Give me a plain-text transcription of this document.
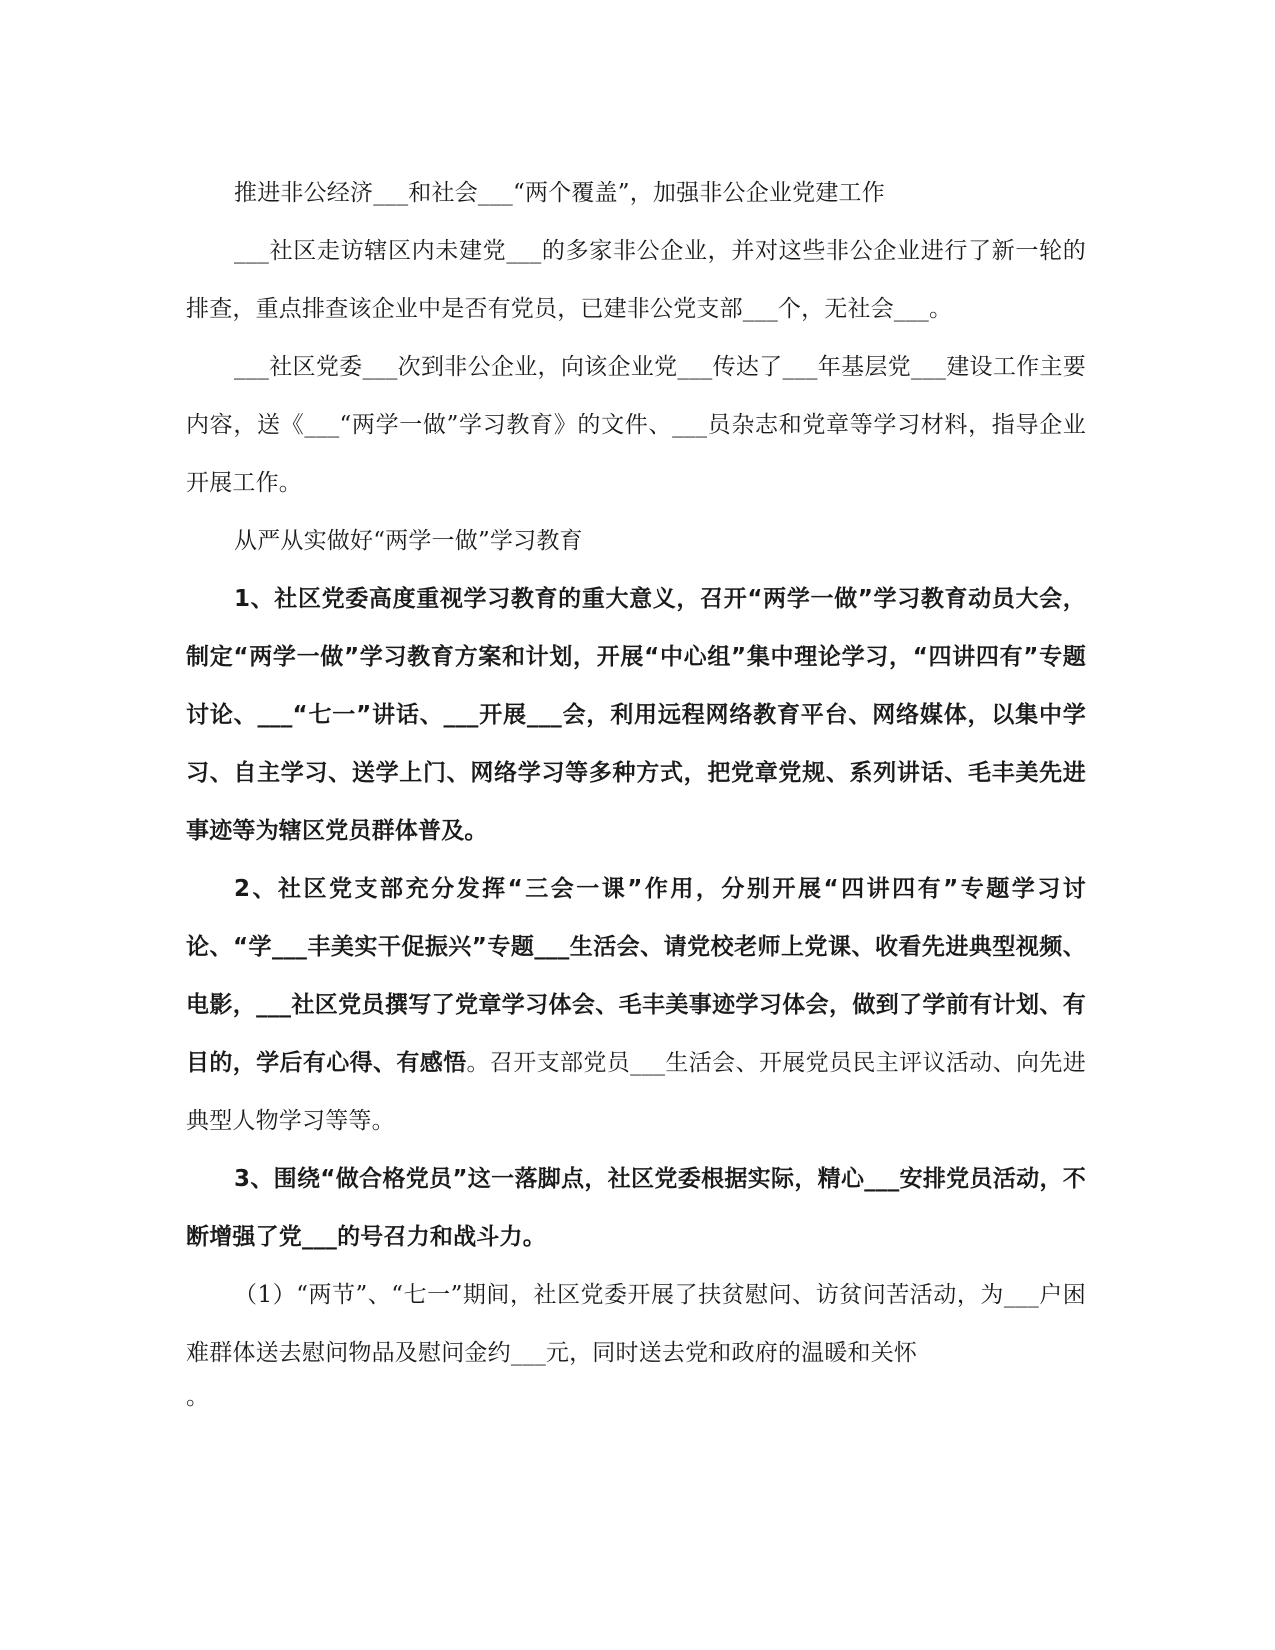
推进非公经济___和社会___“两个覆盖”，加强非公企业党建工作

___社区走访辖区内未建党___的多家非公企业，并对这些非公企业进行了新一轮的排查，重点排查该企业中是否有党员，已建非公党支部___个，无社会___。

___社区党委___次到非公企业，向该企业党___传达了___年基层党___建设工作主要内容，送《___“两学一做”学习教育》的文件、___员杂志和党章等学习材料，指导企业开展工作。

从严从实做好“两学一做”学习教育

1、社区党委高度重视学习教育的重大意义，召开“两学一做”学习教育动员大会，制定“两学一做”学习教育方案和计划，开展“中心组”集中理论学习，“四讲四有”专题讨论、___“七一”讲话、___开展___会，利用远程网络教育平台、网络媒体，以集中学习、自主学习、送学上门、网络学习等多种方式，把党章党规、系列讲话、毛丰美先进事迹等为辖区党员群体普及。

2、社区党支部充分发挥“三会一课”作用，分别开展“四讲四有”专题学习讨论、“学___丰美实干促振兴”专题___生活会、请党校老师上党课、收看先进典型视频、电影，___社区党员撰写了党章学习体会、毛丰美事迹学习体会，做到了学前有计划、有目的，学后有心得、有感悟。召开支部党员___生活会、开展党员民主评议活动、向先进典型人物学习等等。

3、围绕“做合格党员”这一落脚点，社区党委根据实际，精心___安排党员活动，不断增强了党___的号召力和战斗力。

（1）“两节”、“七一”期间，社区党委开展了扶贫慰问、访贫问苦活动，为___户困难群体送去慰问物品及慰问金约___元，同时送去党和政府的温暖和关怀

。
